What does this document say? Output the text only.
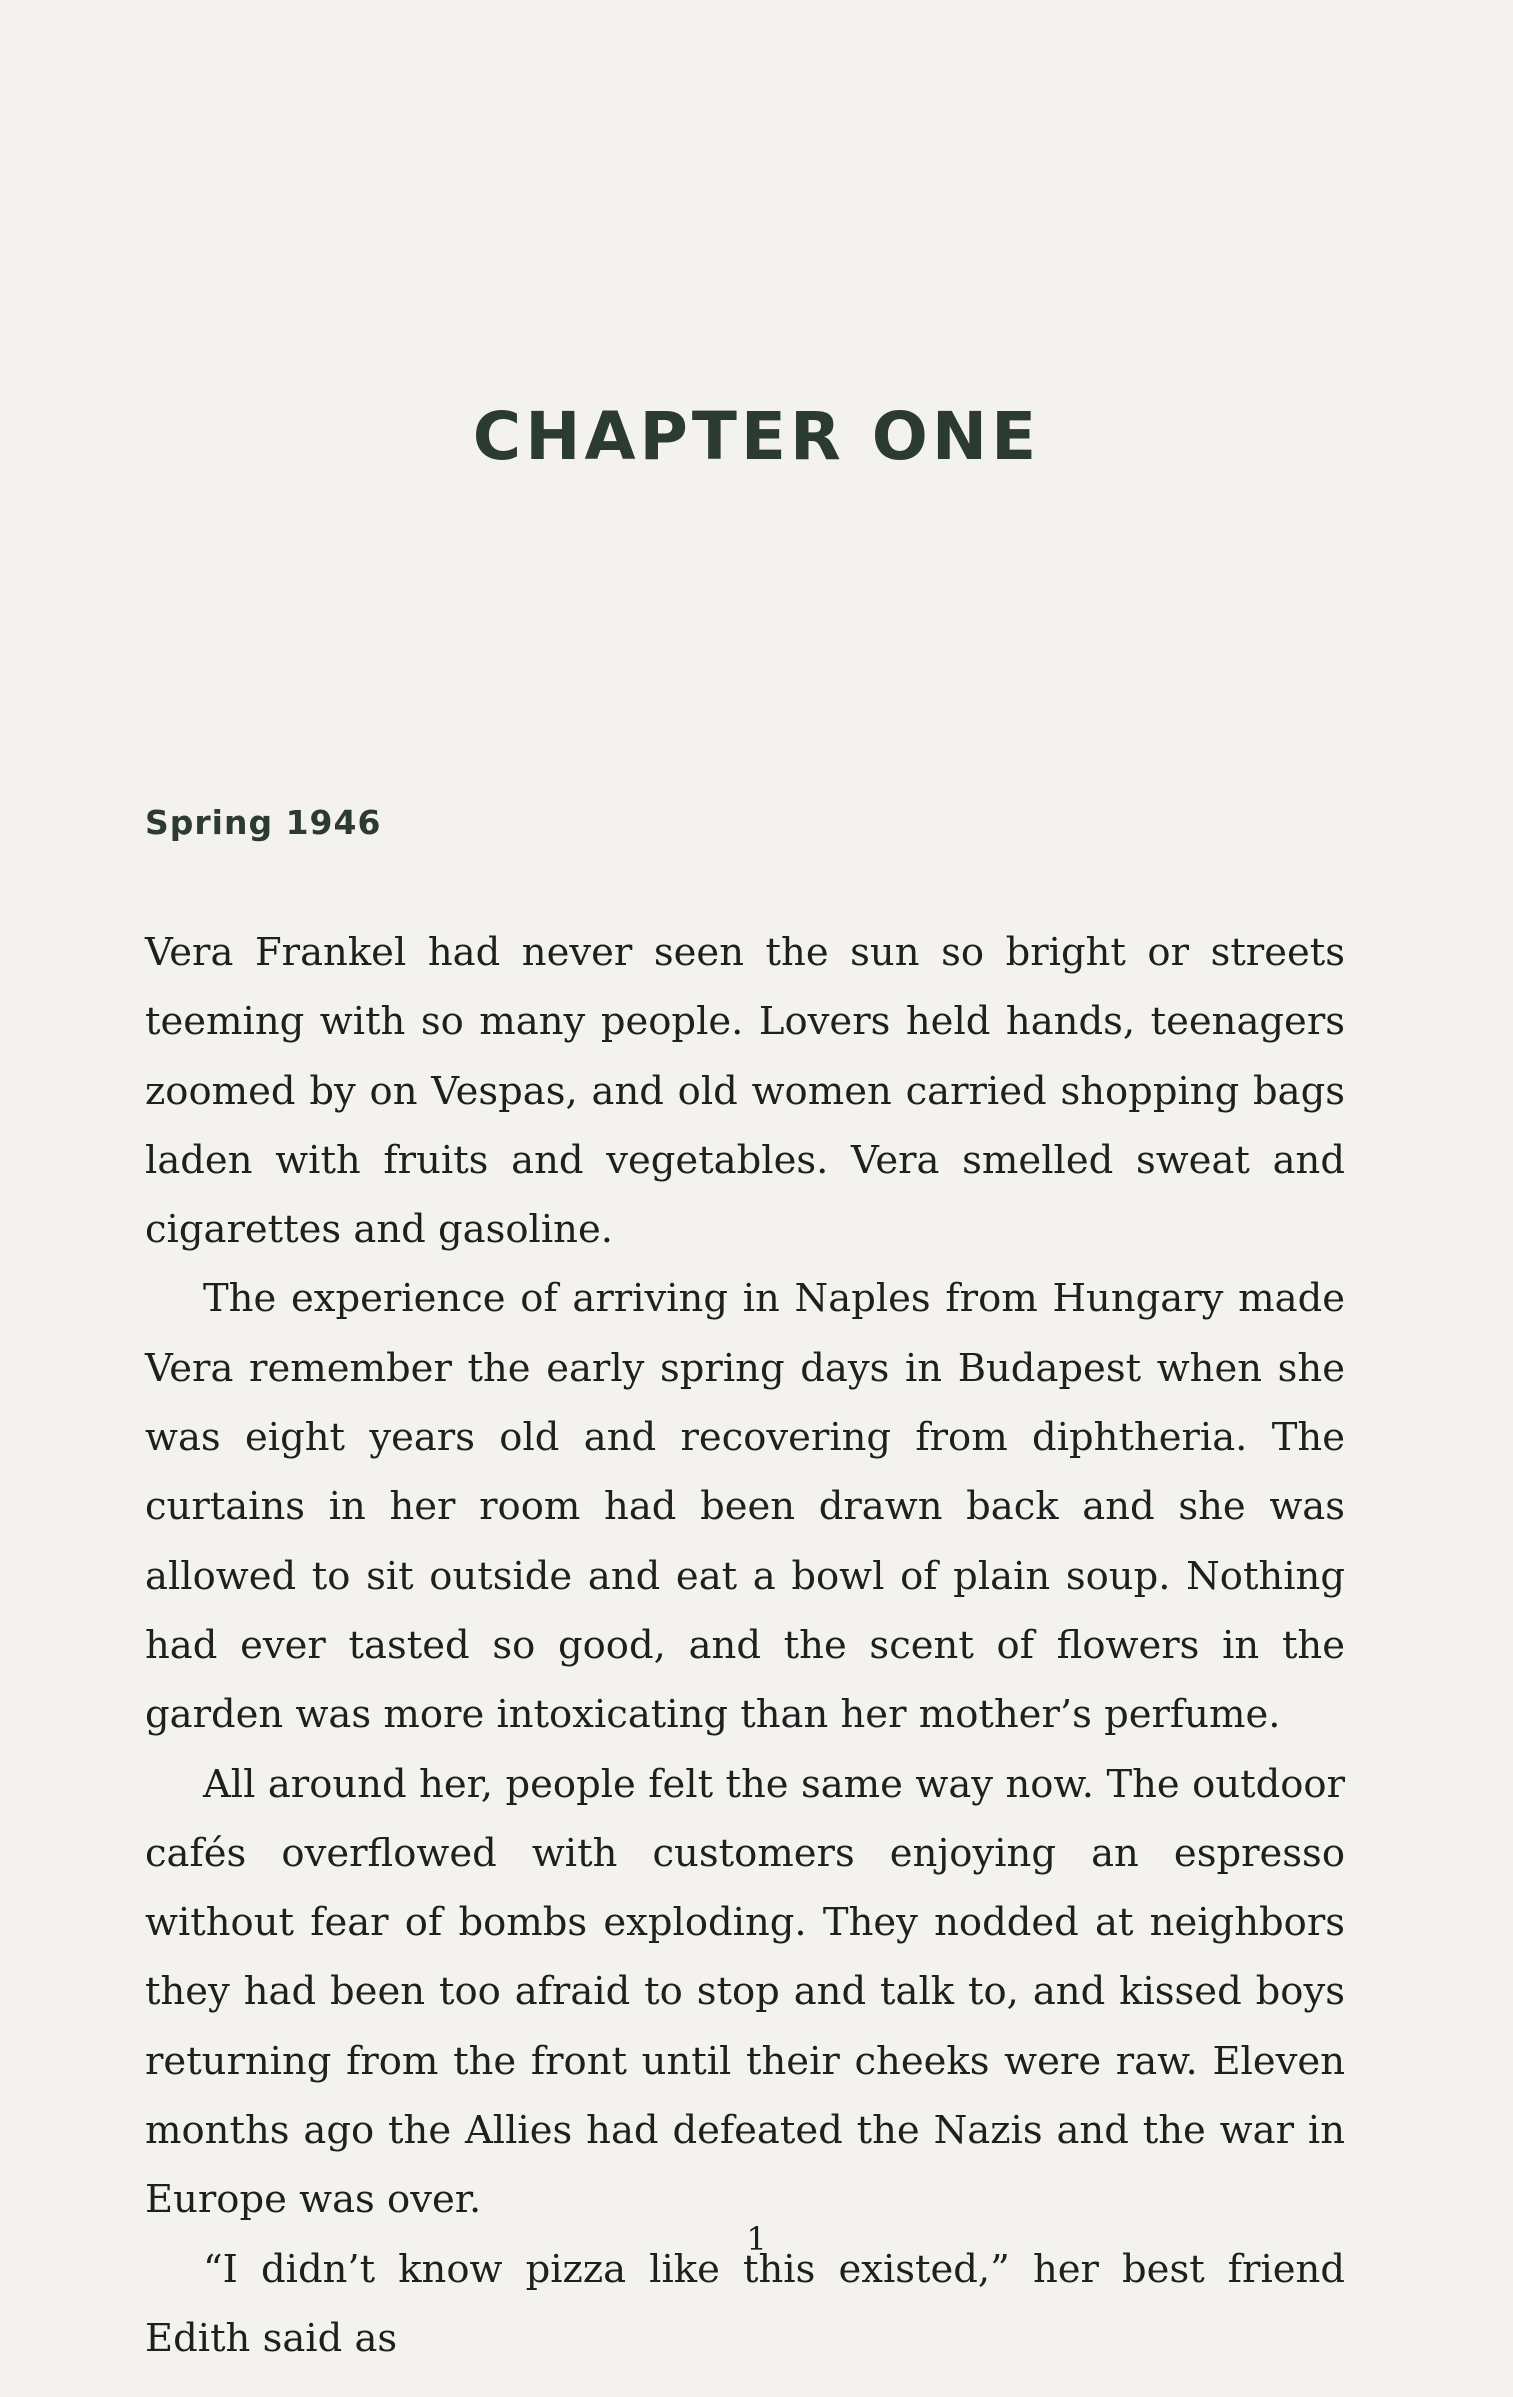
CHAPTER ONE
Spring 1946

Vera Frankel had never seen the sun so bright or streets teeming with so many people. Lovers held hands, teenagers zoomed by on Vespas, and old women carried shopping bags laden with fruits and vegetables. Vera smelled sweat and cigarettes and gasoline.

The experience of arriving in Naples from Hungary made Vera remember the early spring days in Budapest when she was eight years old and recovering from diphtheria. The curtains in her room had been drawn back and she was allowed to sit outside and eat a bowl of plain soup. Nothing had ever tasted so good, and the scent of flowers in the garden was more intoxicating than her mother’s perfume.

All around her, people felt the same way now. The outdoor cafés overflowed with customers enjoying an espresso without fear of bombs exploding. They nodded at neighbors they had been too afraid to stop and talk to, and kissed boys returning from the front until their cheeks were raw. Eleven months ago the Allies had defeated the Nazis and the war in Europe was over.

“I didn’t know pizza like this existed,” her best friend Edith said as

1
